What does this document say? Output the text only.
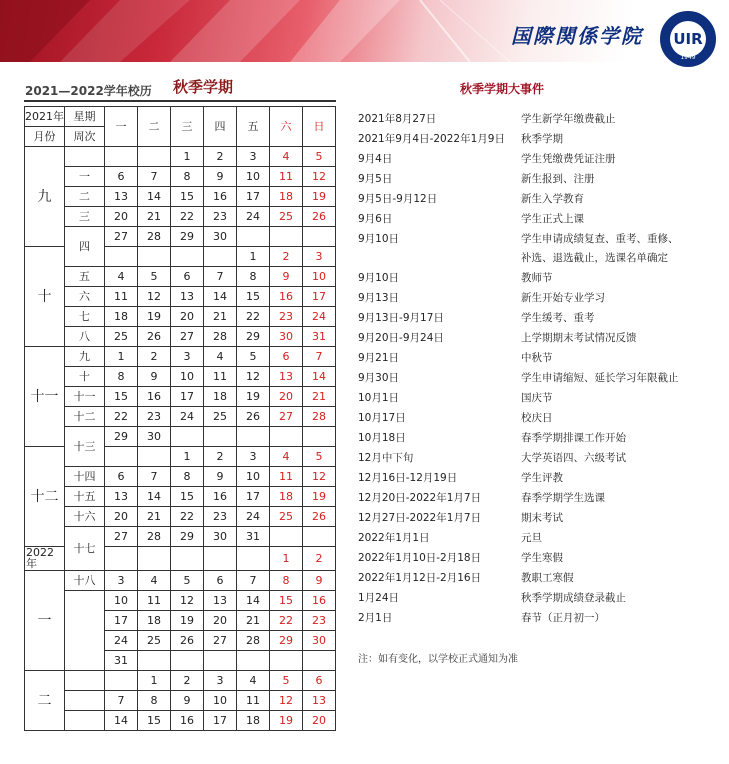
国際関係学院 UIR
1949
2021—2022学年校历 秋季学期	秋季学期大事件
2021年	星期	一	二	三	四	五	六	日
月份	周次							
九				1	2	3	4	5
	一	6	7	8	9	10	11	12
	二	13	14	15	16	17	18	19
	三	20	21	22	23	24	25	26
	四	27	28	29	30			
十						1	2	3
	五	4	5	6	7	8	9	10
	六	11	12	13	14	15	16	17
	七	18	19	20	21	22	23	24
	八	25	26	27	28	29	30	31
十一	九	1	2	3	4	5	6	7
	十	8	9	10	11	12	13	14
	十一	15	16	17	18	19	20	21
	十二	22	23	24	25	26	27	28
	十三	29	30					
十二				1	2	3	4	5
	十四	6	7	8	9	10	11	12
	十五	13	14	15	16	17	18	19
	十六	20	21	22	23	24	25	26
	十七	27	28	29	30	31		
2022年							1	2
一	十八	3	4	5	6	7	8	9
		10	11	12	13	14	15	16
		17	18	19	20	21	22	23
		24	25	26	27	28	29	30
		31						
二			1	2	3	4	5	6
		7	8	9	10	11	12	13
		14	15	16	17	18	19	20
2021年8月27日	学生新学年缴费截止
2021年9月4日-2022年1月9日 秋季学期
9月4日	学生凭缴费凭证注册
9月5日	新生报到、注册
9月5日-9月12日	新生入学教育
9月6日	学生正式上课
9月10日	学生申请成绩复查、重考、重修、
补选、退选截止，选课名单确定
9月10日	教师节
9月13日	新生开始专业学习
9月13日-9月17日	学生缓考、重考
9月20日-9月24日	上学期期末考试情况反馈
9月21日	中秋节
9月30日	学生申请缩短、延长学习年限截止
10月1日	国庆节
10月17日	校庆日
10月18日	春季学期排课工作开始
12月中下旬	大学英语四、六级考试
12月16日-12月19日	学生评教
12月20日-2022年1月7日	春季学期学生选课
12月27日-2022年1月7日	期末考试
2022年1月1日	元旦
2022年1月10日-2月18日	学生寒假
2022年1月12日-2月16日	教职工寒假
1月24日	秋季学期成绩登录截止
2月1日	春节（正月初一）
注：如有变化，以学校正式通知为准
